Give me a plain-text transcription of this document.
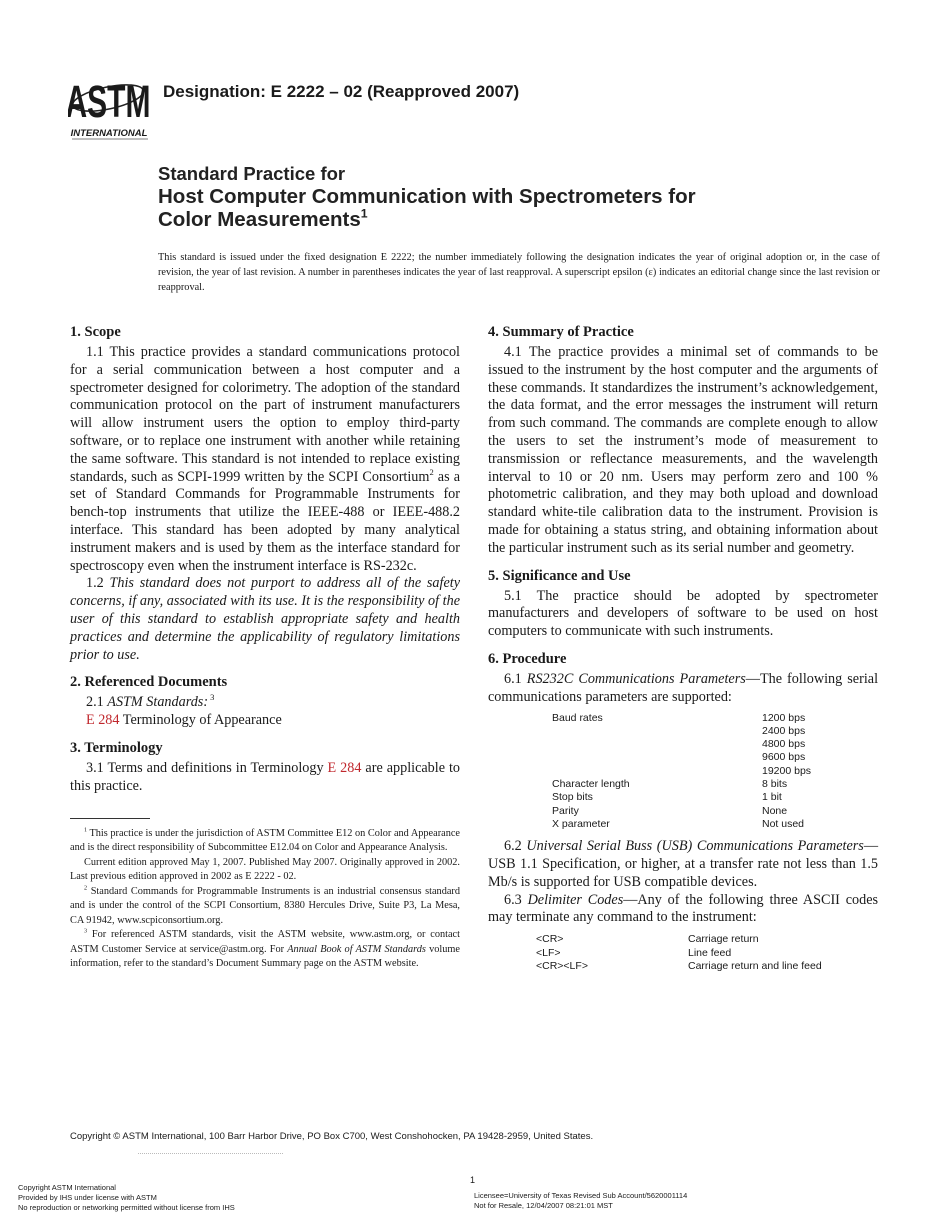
ASTM
INTERNATIONAL
Designation: E 2222 – 02 (Reapproved 2007)
Standard Practice for
Host Computer Communication with Spectrometers for
Color Measurements$^1$
This standard is issued under the fixed designation E 2222; the number immediately following the designation indicates the year of original adoption or, in the case of revision, the year of last revision. A number in parentheses indicates the year of last reapproval. A superscript epsilon (ε) indicates an editorial change since the last revision or reapproval.
1. Scope

1.1 This practice provides a standard communications protocol for a serial communication between a host computer and a spectrometer designed for colorimetry. The adoption of the standard communication protocol on the part of instrument manufacturers will allow instrument users the option to employ third-party software, or to replace one instrument with another while retaining the same software. This standard is not intended to replace existing standards, such as SCPI-1999 written by the SCPI Consortium$^2$ as a set of Standard Commands for Programmable Instruments for bench-top instruments that utilize the IEEE-488 or IEEE-488.2 interface. This standard has been adopted by many analytical instrument makers and is used by them as the interface standard for spectroscopy even when the instrument interface is RS-232c.

1.2 This standard does not purport to address all of the safety concerns, if any, associated with its use. It is the responsibility of the user of this standard to establish appropriate safety and health practices and determine the applicability of regulatory limitations prior to use.

2. Referenced Documents

2.1 ASTM Standards: $^3$

E 284 Terminology of Appearance

3. Terminology

3.1 Terms and definitions in Terminology E 284 are applicable to this practice.

$^1$ This practice is under the jurisdiction of ASTM Committee E12 on Color and Appearance and is the direct responsibility of Subcommittee E12.04 on Color and Appearance Analysis.

Current edition approved May 1, 2007. Published May 2007. Originally approved in 2002. Last previous edition approved in 2002 as E 2222 - 02.

$^2$ Standard Commands for Programmable Instruments is an industrial consensus standard and is under the control of the SCPI Consortium, 8380 Hercules Drive, Suite P3, La Mesa, CA 91942, www.scpiconsortium.org.

$^3$ For referenced ASTM standards, visit the ASTM website, www.astm.org, or contact ASTM Customer Service at service@astm.org. For Annual Book of ASTM Standards volume information, refer to the standard’s Document Summary page on the ASTM website.

4. Summary of Practice

4.1 The practice provides a minimal set of commands to be issued to the instrument by the host computer and the arguments of these commands. It standardizes the instrument’s acknowledgement, the data format, and the error messages the instrument will return from such command. The commands are complete enough to allow the users to set the instrument’s mode of measurement to transmission or reflectance measurements, and the wavelength interval to 10 or 20 nm. Users may perform zero and 100 % photometric calibration, and they may both upload and download standard white-tile calibration data to the instrument. Provision is made for obtaining a status string, and obtaining information about the particular instrument such as its serial number and geometry.

5. Significance and Use

5.1 The practice should be adopted by spectrometer manufacturers and developers of software to be used on host computers to communicate with such instruments.

6. Procedure

6.1 RS232C Communications Parameters—The following serial communications parameters are supported:

Baud rates	1200 bps
	2400 bps
	4800 bps
	9600 bps
	19200 bps
Character length	8 bits
Stop bits	1 bit
Parity	None
X parameter	Not used

6.2 Universal Serial Buss (USB) Communications Parameters—USB 1.1 Specification, or higher, at a transfer rate not less than 1.5 Mb/s is supported for USB compatible devices.

6.3 Delimiter Codes—Any of the following three ASCII codes may terminate any command to the instrument:

<CR>	Carriage return
<LF>	Line feed
<CR><LF>	Carriage return and line feed
Copyright © ASTM International, 100 Barr Harbor Drive, PO Box C700, West Conshohocken, PA 19428-2959, United States.
1
Copyright ASTM International
Provided by IHS under license with ASTM
No reproduction or networking permitted without license from IHS
Licensee=University of Texas Revised Sub Account/5620001114
Not for Resale, 12/04/2007 08:21:01 MST
